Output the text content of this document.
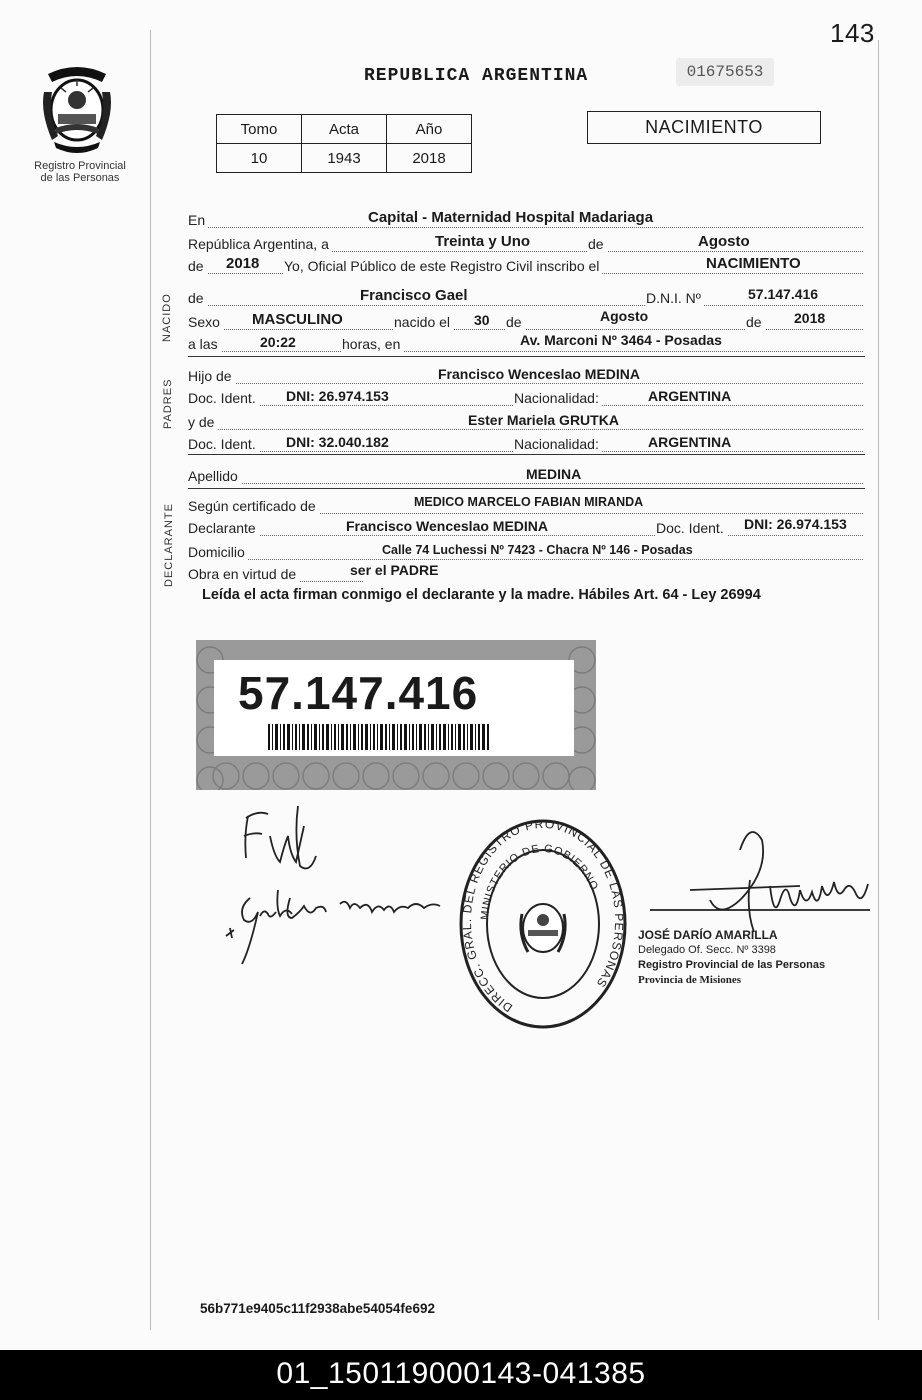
143
Registro Provincial
de las Personas
REPUBLICA ARGENTINA	01675653
Tomo	Acta	Año
10	1943	2018
NACIMIENTO
En	Capital - Maternidad Hospital Madariaga
República Argentina, a	Treinta y Uno	de	Agosto
de 2018 Yo, Oficial Público de este Registro Civil inscribo el	NACIMIENTO
NACIDO de	Francisco Gael	D.N.I. Nº	57.147.416
Sexo MASCULINO	nacido el 30 de	Agosto	de 2018
a las	20:22	horas, en	Av. Marconi Nº 3464 - Posadas
PADRES
Hijo de	Francisco Wenceslao MEDINA
Doc. Ident. DNI: 26.974.153	Nacionalidad:	ARGENTINA
y de	Ester Mariela GRUTKA
Doc. Ident. DNI: 32.040.182	Nacionalidad:	ARGENTINA
Apellido	MEDINA
DECLARANTE Según certificado de	MEDICO MARCELO FABIAN MIRANDA
Declarante	Francisco Wenceslao MEDINA	Doc. Ident. DNI: 26.974.153
Domicilio	Calle 74 Luchessi Nº 7423 - Chacra Nº 146 - Posadas
Obra en virtud de	ser el PADRE
Leída el acta firman conmigo el declarante y la madre. Hábiles Art. 64 - Ley 26994
57.147.416
DIRECC. GRAL. DEL REGISTRO PROVINCIAL DE LAS PERSONAS
MINISTERIO DE GOBIERNO
JOSÉ DARÍO AMARILLA
Delegado Of. Secc. Nº 3398
Registro Provincial de las Personas
Provincia de Misiones
56b771e9405c11f2938abe54054fe692
01_150119000143-041385
